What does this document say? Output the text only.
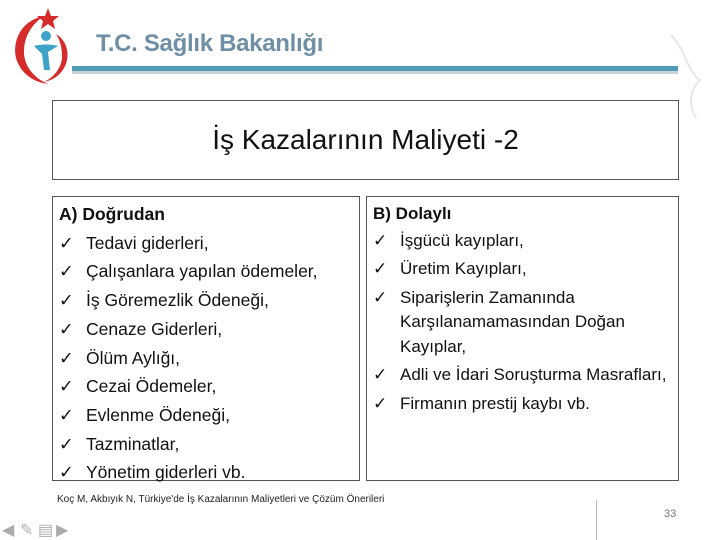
T.C. Sağlık Bakanlığı
İş Kazalarının Maliyeti -2
A) Doğrudan
✓ Tedavi giderleri,
✓ Çalışanlara yapılan ödemeler,
✓ İş Göremezlik Ödeneği,
✓ Cenaze Giderleri,
✓ Ölüm Aylığı,
✓ Cezai Ödemeler,
✓ Evlenme Ödeneği,
✓ Tazminatlar,
✓ Yönetim giderleri vb.
B) Dolaylı
✓ İşgücü kayıpları,
✓ Üretim Kayıpları,
✓ Siparişlerin Zamanında Karşılanamamasından Doğan Kayıplar,
✓ Adli ve İdari Soruşturma Masrafları,
✓ Firmanın prestij kaybı vb.
Koç M, Akbıyık N, Türkiye'de İş Kazalarının Maliyetleri ve Çözüm Önerileri
33
◀ ✎ ▤ ▶
